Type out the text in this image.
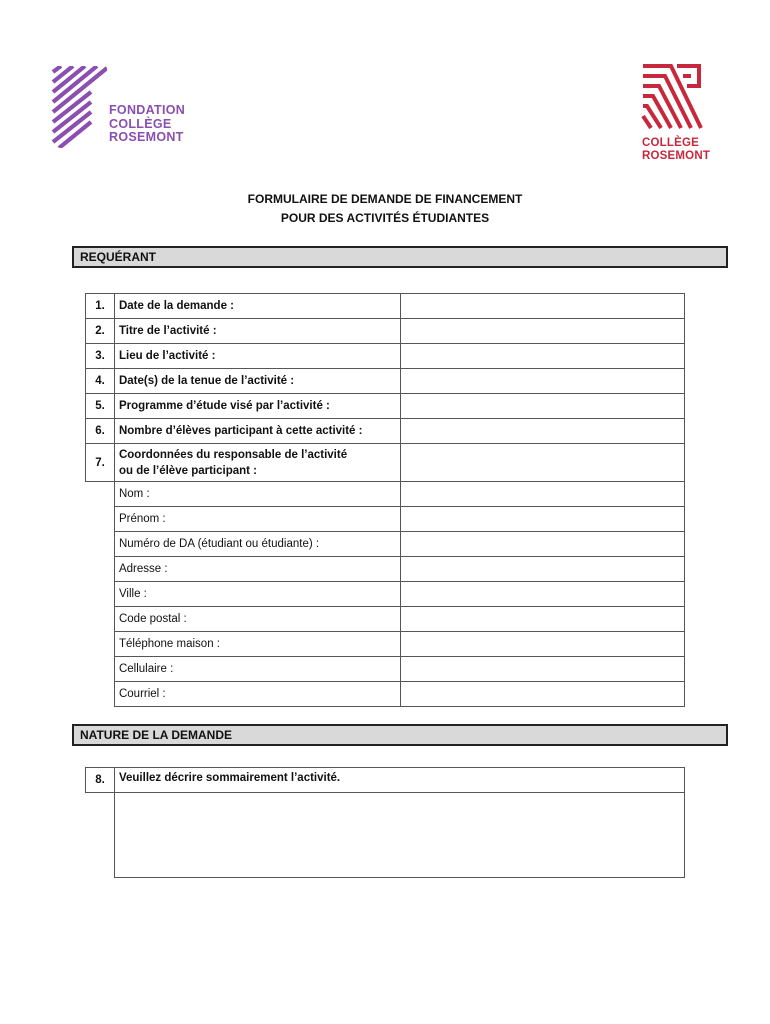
FONDATION
COLLÈGE
ROSEMONT	COLLÈGE
ROSEMONT
FORMULAIRE DE DEMANDE DE FINANCEMENT
POUR DES ACTIVITÉS ÉTUDIANTES
REQUÉRANT
1.	Date de la demande :	
2.	Titre de l’activité :	
3.	Lieu de l’activité :	
4.	Date(s) de la tenue de l’activité :	
5.	Programme d’étude visé par l’activité :	
6.	Nombre d’élèves participant à cette activité :	
7.	Coordonnées du responsable de l’activité
ou de l’élève participant :	

	Nom :	
	Prénom :	
	Numéro de DA (étudiant ou étudiante) :	
	Adresse :	
	Ville :	
	Code postal :	
	Téléphone maison :	
	Cellulaire :	
	Courriel :	
NATURE DE LA DEMANDE
8.	Veuillez décrire sommairement l’activité.
